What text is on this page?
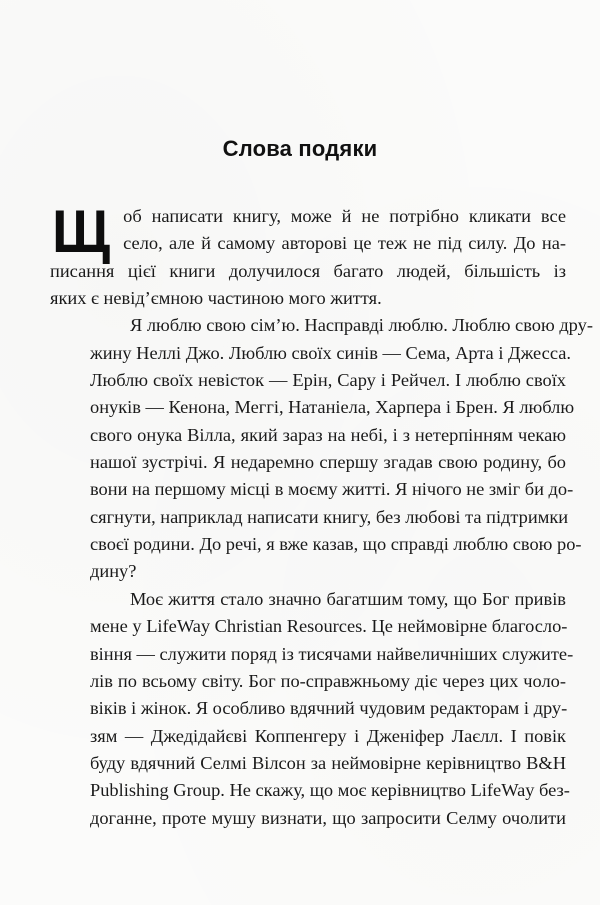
Слова подяки
Щ об написати книгу, може й не потрібно кликати все
село, але й самому авторові це теж не під силу. До на-
писання цієї книги долучилося багато людей, більшість із
яких є невід’ємною частиною мого життя.
Я люблю свою сім’ю. Насправді люблю. Люблю свою дру-
жину Неллі Джо. Люблю своїх синів — Сема, Арта і Джесса.
Люблю своїх невісток — Ерін, Сару і Рейчел. І люблю своїх
онуків — Кенона, Меггі, Натаніела, Харпера і Брен. Я люблю
свого онука Вілла, який зараз на небі, і з нетерпінням чекаю
нашої зустрічі. Я недаремно спершу згадав свою родину, бо
вони на першому місці в моєму житті. Я нічого не зміг би до-
сягнути, наприклад написати книгу, без любові та підтримки
своєї родини. До речі, я вже казав, що справді люблю свою ро-
дину?
Моє життя стало значно багатшим тому, що Бог привів
мене у LifeWay Christian Resources. Це неймовірне благосло-
віння — служити поряд із тисячами найвеличніших служите-
лів по всьому світу. Бог по-справжньому діє через цих чоло-
віків і жінок. Я особливо вдячний чудовим редакторам і дру-
зям — Джедідайєві Коппенгеру і Дженіфер Лаєлл. І повік
буду вдячний Селмі Вілсон за неймовірне керівництво B&H
Publishing Group. Не скажу, що моє керівництво LifeWay без-
доганне, проте мушу визнати, що запросити Селму очолити
